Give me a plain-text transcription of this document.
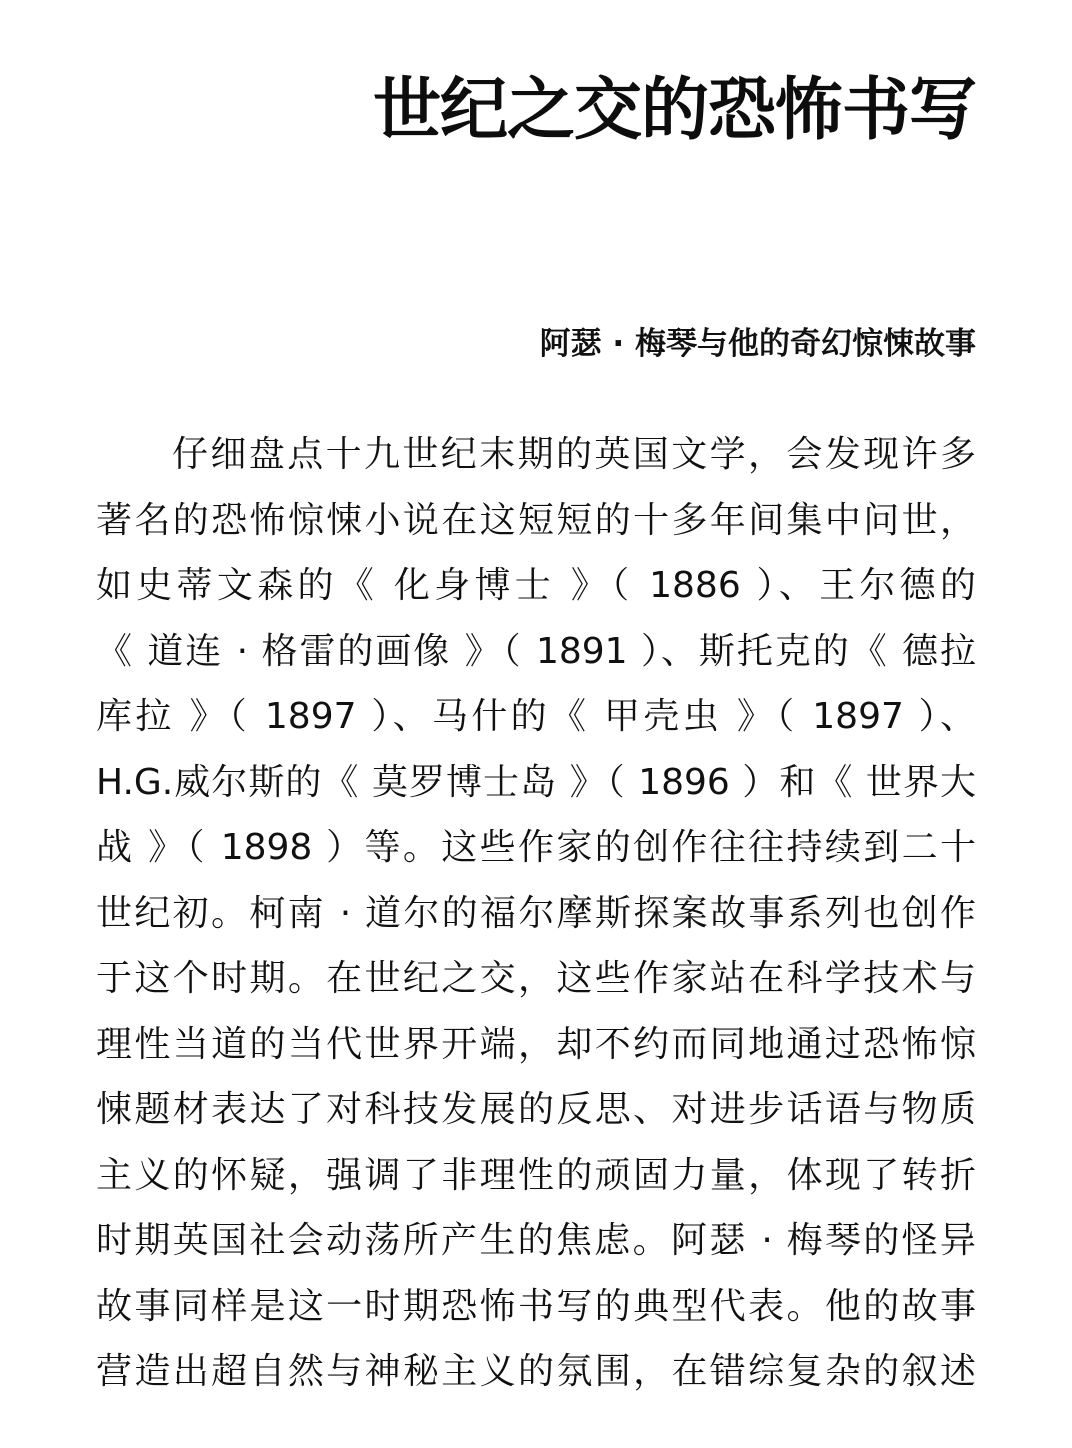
世纪之交的恐怖书写
阿瑟 · 梅琴与他的奇幻惊悚故事
仔细盘点十九世纪末期的英国文学，会发现许多
著名的恐怖惊悚小说在这短短的十多年间集中问世，
如史蒂文森的《 化身博士 》（ 1886 ）、王尔德的
《 道连 · 格雷的画像 》（ 1891 ）、斯托克的《 德拉
库拉 》（ 1897 ）、马什的《 甲壳虫 》（ 1897 ）、
H.G.威尔斯的《 莫罗博士岛 》（ 1896 ）和《 世界大
战 》（ 1898 ）等。这些作家的创作往往持续到二十
世纪初。柯南 · 道尔的福尔摩斯探案故事系列也创作
于这个时期。在世纪之交，这些作家站在科学技术与
理性当道的当代世界开端，却不约而同地通过恐怖惊
悚题材表达了对科技发展的反思、对进步话语与物质
主义的怀疑，强调了非理性的顽固力量，体现了转折
时期英国社会动荡所产生的焦虑。阿瑟 · 梅琴的怪异
故事同样是这一时期恐怖书写的典型代表。他的故事
营造出超自然与神秘主义的氛围，在错综复杂的叙述
